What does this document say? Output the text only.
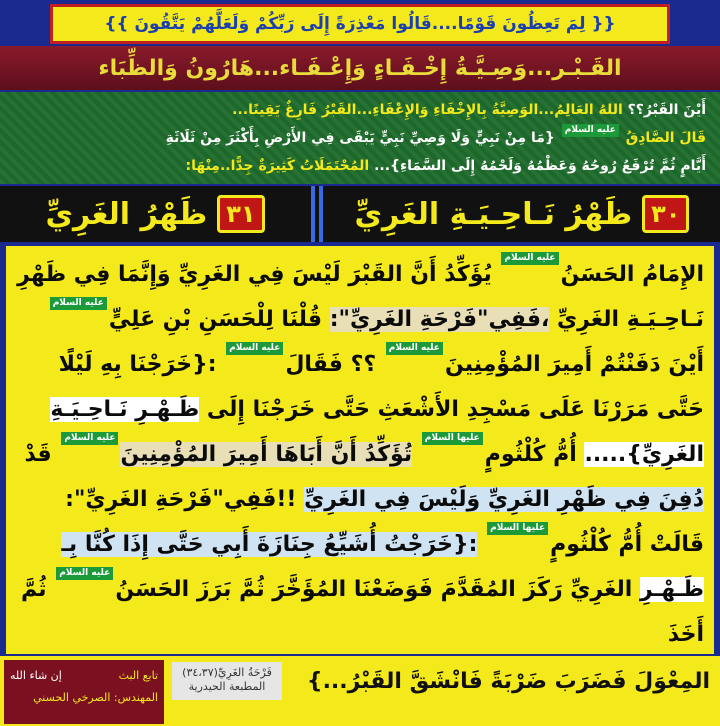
{{ لِمَ تَعِظُونَ قَوْمًا....قَالُوا مَعْذِرَةً إِلَى رَبِّكُمْ وَلَعَلَّهُمْ يَتَّقُونَ }}
القَـبْـر...وَصِـيَّـةُ إِخْـفَـاءٍ وَإِعْـفَـاء...هَارُونُ وَالظِّبَاء
أَيْنَ القَبْرُ؟؟ اللهُ العَالِمُ...الوَصِيَّةُ بِالإِخْفَاءِ وَالإِعْفَاءِ...القَبْرُ فَارِغٌ يَقِينًا...
قَالَ الصَّادِقُ عليه السلام {مَا مِنْ نَبِيٍّ وَلَا وَصِيِّ نَبِيٍّ يَبْقَى فِي الأَرْضِ بِأَكْثَرَ مِنْ ثَلَاثَةِ
أَيَّامٍ ثُمَّ تُرْفَعُ رُوحُهُ وَعَظْمُهُ وَلَحْمُهُ إِلَى السَّمَاءِ}... المُحْتَمَلَاتُ كَثِيرَةٌ جِدًّا..مِنْهَا:
٣٠
ظَهْرُ نَـاحِـيَـةِ الغَرِيِّ
٣١
ظَهْرُ الغَرِيِّ
الإِمَامُ الحَسَنُعليه السلام يُؤَكِّدُ أَنَّ القَبْرَ لَيْسَ فِي الغَرِيِّ وَإِنَّمَا فِي ظَهْرِ نَـاحِـيَـةِ الغَرِيِّ ،فَفِي"فَرْحَةِ الغَرِيِّ": قُلْنَا لِلْحَسَنِ بْنِ عَلِيٍّعليه السلام أَيْنَ دَفَنْتُمْ أَمِيرَ المُؤْمِنِينَعليه السلام ؟؟ فَقَالَعليه السلام :{خَرَجْنَا بِهِ لَيْلًا حَتَّى مَرَرْنَا عَلَى مَسْجِدِ الأَشْعَثِ حَتَّى خَرَجْنَا إِلَى ظَـهْـرِ نَـاحِـيَـةِ الغَرِيِّ}..... أُمُّ كُلْثُومٍعليها السلام تُؤَكِّدُ أَنَّ أَبَاهَا أَمِيرَ المُؤْمِنِينَعليه السلام قَدْ دُفِنَ فِي ظَهْرِ الغَرِيِّ وَلَيْسَ فِي الغَرِيِّ !!فَفِي"فَرْحَةِ الغَرِيِّ": قَالَتْ أُمُّ كُلْثُومٍعليها السلام :{خَرَجْتُ أُشَيِّعُ جِنَازَةَ أَبِي حَتَّى إِذَا كُنَّا بِـ ظَـهْـرِ الغَرِيِّ رَكَزَ المُقَدَّمَ فَوَضَعْنَا المُؤَخَّرَ ثُمَّ بَرَزَ الحَسَنُعليه السلام ثُمَّ أَخَذَ
المِعْوَلَ فَضَرَبَ ضَرْبَةً فَانْشَقَّ القَبْرُ...}
فَرْحَةُ الغَرِيِّ(٣٤،٣٧)
المطبعة الحيدرية
تابع البث
إن شاء الله
المهندس: الصرخي الحسني
